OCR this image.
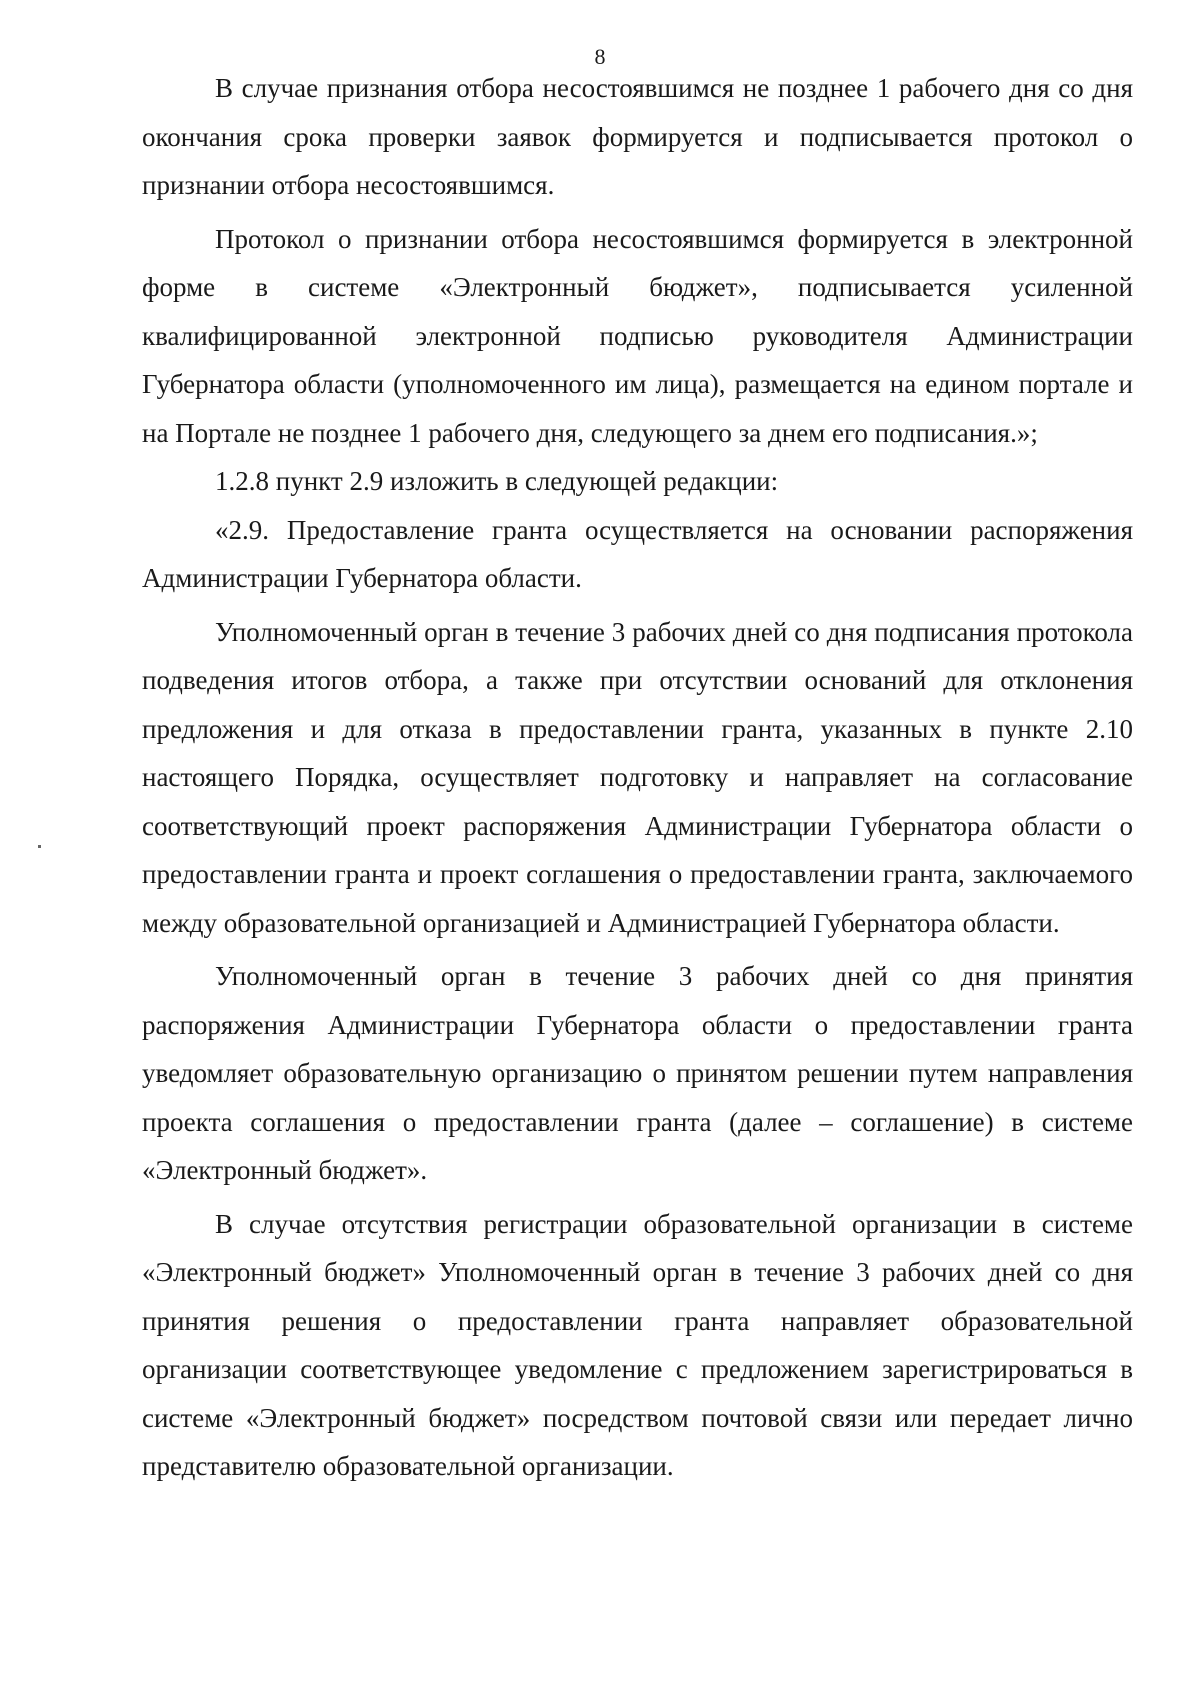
8

В случае признания отбора несостоявшимся не позднее 1 рабочего дня со дня окончания срока проверки заявок формируется и подписывается протокол о признании отбора несостоявшимся.

Протокол о признании отбора несостоявшимся формируется в электронной форме в системе «Электронный бюджет», подписывается усиленной квалифицированной электронной подписью руководителя Администрации Губернатора области (уполномоченного им лица), размещается на едином портале и на Портале не позднее 1 рабочего дня, следующего за днем его подписания.»;

1.2.8 пункт 2.9 изложить в следующей редакции:

«2.9. Предоставление гранта осуществляется на основании распоряжения Администрации Губернатора области.

Уполномоченный орган в течение 3 рабочих дней со дня подписания протокола подведения итогов отбора, а также при отсутствии оснований для отклонения предложения и для отказа в предоставлении гранта, указанных в пункте 2.10 настоящего Порядка, осуществляет подготовку и направляет на согласование соответствующий проект распоряжения Администрации Губернатора области о предоставлении гранта и проект соглашения о предоставлении гранта, заключаемого между образовательной организацией и Администрацией Губернатора области.

Уполномоченный орган в течение 3 рабочих дней со дня принятия распоряжения Администрации Губернатора области о предоставлении гранта уведомляет образовательную организацию о принятом решении путем направления проекта соглашения о предоставлении гранта (далее – соглашение) в системе «Электронный бюджет».

В случае отсутствия регистрации образовательной организации в системе «Электронный бюджет» Уполномоченный орган в течение 3 рабочих дней со дня принятия решения о предоставлении гранта направляет образовательной организации соответствующее уведомление с предложением зарегистрироваться в системе «Электронный бюджет» посредством почтовой связи или передает лично представителю образовательной организации.
